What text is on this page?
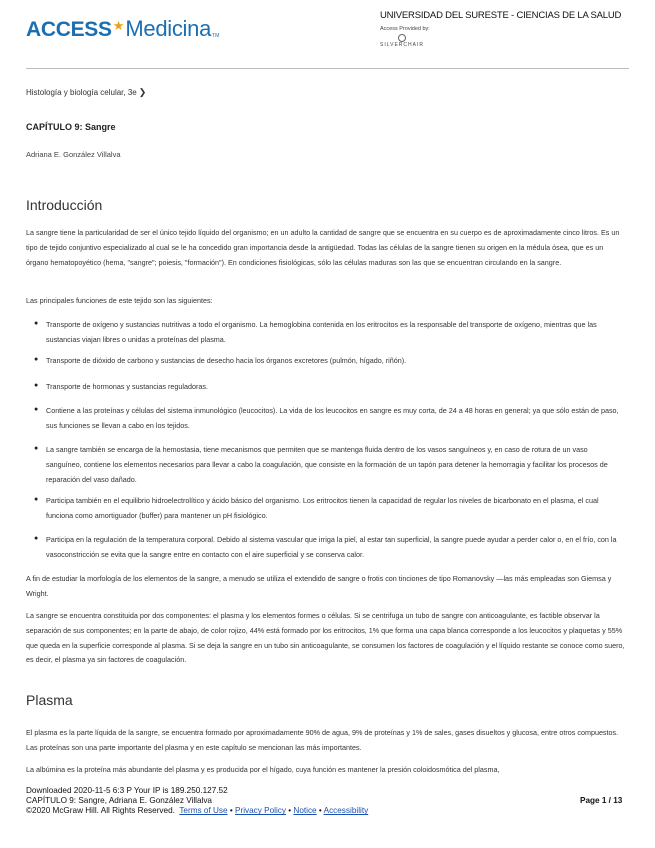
ACCESS ★ Medicina TM
UNIVERSIDAD DEL SURESTE - CIENCIAS DE LA SALUD
Access Provided by:
SILVERCHAIR
Histología y biología celular, 3e ❯
CAPÍTULO 9: Sangre
Adriana E. González Villalva
Introducción

La sangre tiene la particularidad de ser el único tejido líquido del organismo; en un adulto la cantidad de sangre que se encuentra en su cuerpo es de aproximadamente cinco litros. Es un tipo de tejido conjuntivo especializado al cual se le ha concedido gran importancia desde la antigüedad. Todas las células de la sangre tienen su origen en la médula ósea, que es un órgano hematopoyético (hema, "sangre"; poiesis, "formación"). En condiciones fisiológicas, sólo las células maduras son las que se encuentran circulando en la sangre.

Las principales funciones de este tejido son las siguientes:

● Transporte de oxígeno y sustancias nutritivas a todo el organismo. La hemoglobina contenida en los eritrocitos es la responsable del transporte de oxígeno, mientras que las sustancias viajan libres o unidas a proteínas del plasma.

● Transporte de dióxido de carbono y sustancias de desecho hacia los órganos excretores (pulmón, hígado, riñón).

● Transporte de hormonas y sustancias reguladoras.

● Contiene a las proteínas y células del sistema inmunológico (leucocitos). La vida de los leucocitos en sangre es muy corta, de 24 a 48 horas en general; ya que sólo están de paso, sus funciones se llevan a cabo en los tejidos.

● La sangre también se encarga de la hemostasia, tiene mecanismos que permiten que se mantenga fluida dentro de los vasos sanguíneos y, en caso de rotura de un vaso sanguíneo, contiene los elementos necesarios para llevar a cabo la coagulación, que consiste en la formación de un tapón para detener la hemorragia y facilitar los procesos de reparación del vaso dañado.

● Participa también en el equilibrio hidroelectrolítico y ácido básico del organismo. Los eritrocitos tienen la capacidad de regular los niveles de bicarbonato en el plasma, el cual funciona como amortiguador (buffer) para mantener un pH fisiológico.

● Participa en la regulación de la temperatura corporal. Debido al sistema vascular que irriga la piel, al estar tan superficial, la sangre puede ayudar a perder calor o, en el frío, con la vasoconstricción se evita que la sangre entre en contacto con el aire superficial y se conserva calor.

A fin de estudiar la morfología de los elementos de la sangre, a menudo se utiliza el extendido de sangre o frotis con tinciones de tipo Romanovsky —las más empleadas son Giemsa y Wright.

La sangre se encuentra constituida por dos componentes: el plasma y los elementos formes o células. Si se centrifuga un tubo de sangre con anticoagulante, es factible observar la separación de sus componentes; en la parte de abajo, de color rojizo, 44% está formado por los eritrocitos, 1% que forma una capa blanca corresponde a los leucocitos y plaquetas y 55% que queda en la superficie corresponde al plasma. Si se deja la sangre en un tubo sin anticoagulante, se consumen los factores de coagulación y el líquido restante se conoce como suero, es decir, el plasma ya sin factores de coagulación.

Plasma

El plasma es la parte líquida de la sangre, se encuentra formado por aproximadamente 90% de agua, 9% de proteínas y 1% de sales, gases disueltos y glucosa, entre otros compuestos. Las proteínas son una parte importante del plasma y en este capítulo se mencionan las más importantes.

La albúmina es la proteína más abundante del plasma y es producida por el hígado, cuya función es mantener la presión coloidosmótica del plasma,

Downloaded 2020-11-5 6:3 P Your IP is 189.250.127.52
CAPÍTULO 9: Sangre, Adriana E. González Villalva
©2020 McGraw Hill. All Rights Reserved. Terms of Use • Privacy Policy • Notice • Accessibility
Page 1 / 13
